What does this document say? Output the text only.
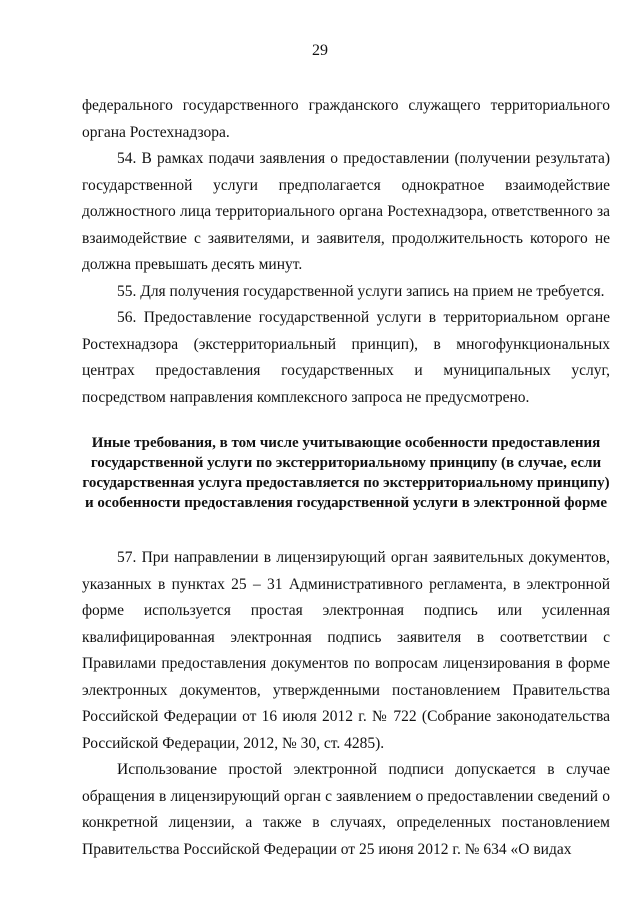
29

федерального государственного гражданского служащего территориального органа Ростехнадзора.

54. В рамках подачи заявления о предоставлении (получении результата) государственной услуги предполагается однократное взаимодействие должностного лица территориального органа Ростехнадзора, ответственного за взаимодействие с заявителями, и заявителя, продолжительность которого не должна превышать десять минут.

55. Для получения государственной услуги запись на прием не требуется.

56. Предоставление государственной услуги в территориальном органе Ростехнадзора (экстерриториальный принцип), в многофункциональных центрах предоставления государственных и муниципальных услуг, посредством направления комплексного запроса не предусмотрено.

Иные требования, в том числе учитывающие особенности предоставления государственной услуги по экстерриториальному принципу (в случае, если государственная услуга предоставляется по экстерриториальному принципу) и особенности предоставления государственной услуги в электронной форме

57. При направлении в лицензирующий орган заявительных документов, указанных в пунктах 25 – 31 Административного регламента, в электронной форме используется простая электронная подпись или усиленная квалифицированная электронная подпись заявителя в соответствии с Правилами предоставления документов по вопросам лицензирования в форме электронных документов, утвержденными постановлением Правительства Российской Федерации от 16 июля 2012 г. № 722 (Собрание законодательства Российской Федерации, 2012, № 30, ст. 4285).

Использование простой электронной подписи допускается в случае обращения в лицензирующий орган с заявлением о предоставлении сведений о конкретной лицензии, а также в случаях, определенных постановлением Правительства Российской Федерации от 25 июня 2012 г. № 634 «О видах
